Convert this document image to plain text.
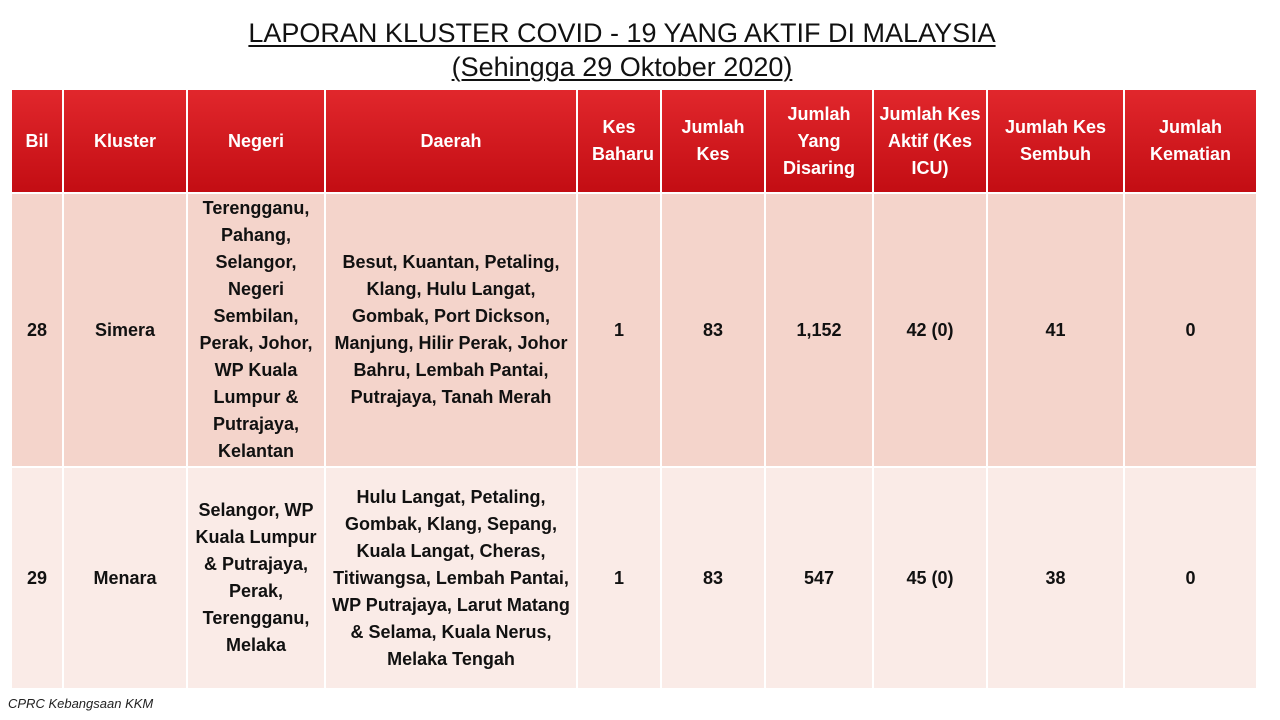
LAPORAN KLUSTER COVID - 19 YANG AKTIF DI MALAYSIA
(Sehingga 29 Oktober 2020)
Bil	Kluster	Negeri	Daerah	Kes Baharu	Jumlah Kes	Jumlah Yang Disaring	Jumlah Kes Aktif (Kes ICU)	Jumlah Kes Sembuh	Jumlah Kematian
28	Simera	Terengganu, Pahang, Selangor, Negeri Sembilan, Perak, Johor, WP Kuala Lumpur & Putrajaya, Kelantan	Besut, Kuantan, Petaling, Klang, Hulu Langat, Gombak, Port Dickson, Manjung, Hilir Perak, Johor Bahru, Lembah Pantai, Putrajaya, Tanah Merah	1	83	1,152	42 (0)	41	0
29	Menara	Selangor, WP Kuala Lumpur & Putrajaya, Perak, Terengganu, Melaka	Hulu Langat, Petaling, Gombak, Klang, Sepang, Kuala Langat, Cheras, Titiwangsa, Lembah Pantai, WP Putrajaya, Larut Matang & Selama, Kuala Nerus, Melaka Tengah	1	83	547	45 (0)	38	0
CPRC Kebangsaan KKM
